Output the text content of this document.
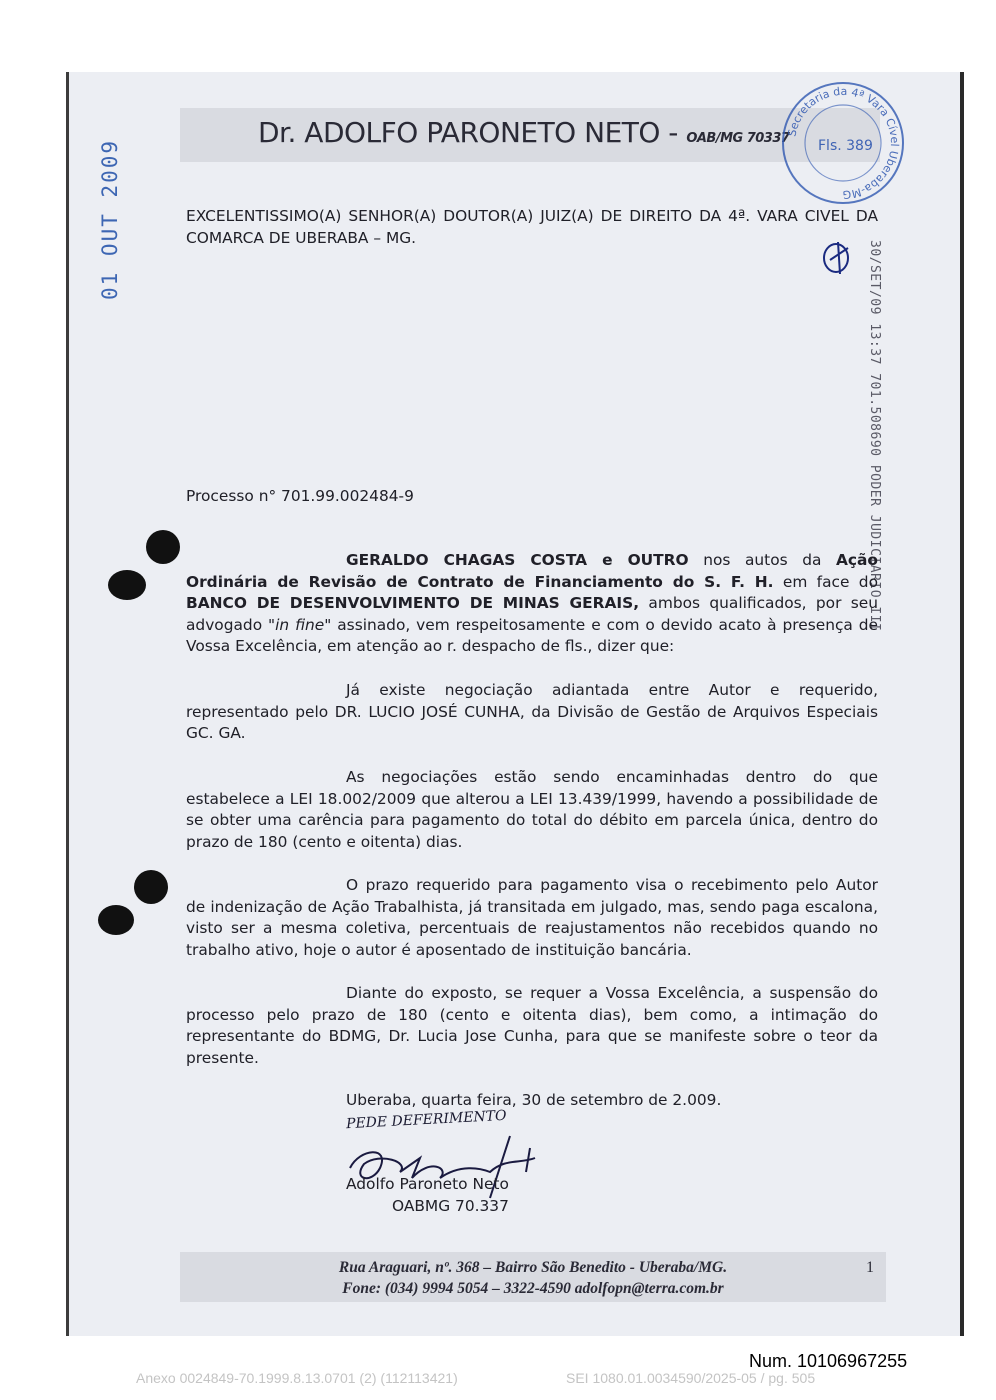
Dr. ADOLFO PARONETO NETO - OAB/MG 70337
Secretaria da 4ª Vara Cível Uberaba-MG
Fls. 389
01 OUT 2009
30/SET/09 13:37 701.508690 PODER JUDICIARIO III
EXCELENTISSIMO(A) SENHOR(A) DOUTOR(A) JUIZ(A) DE DIREITO DA 4ª. VARA CIVEL DA COMARCA DE UBERABA – MG.
Processo n° 701.99.002484-9
GERALDO CHAGAS COSTA e OUTRO nos autos da Ação Ordinária de Revisão de Contrato de Financiamento do S. F. H. em face do BANCO DE DESENVOLVIMENTO DE MINAS GERAIS, ambos qualificados, por seu advogado "in fine" assinado, vem respeitosamente e com o devido acato à presença de Vossa Excelência, em atenção ao r. despacho de fls., dizer que:
Já existe negociação adiantada entre Autor e requerido, representado pelo DR. LUCIO JOSÉ CUNHA, da Divisão de Gestão de Arquivos Especiais GC. GA.
As negociações estão sendo encaminhadas dentro do que estabelece a LEI 18.002/2009 que alterou a LEI 13.439/1999, havendo a possibilidade de se obter uma carência para pagamento do total do débito em parcela única, dentro do prazo de 180 (cento e oitenta) dias.
O prazo requerido para pagamento visa o recebimento pelo Autor de indenização de Ação Trabalhista, já transitada em julgado, mas, sendo paga escalona, visto ser a mesma coletiva, percentuais de reajustamentos não recebidos quando no trabalho ativo, hoje o autor é aposentado de instituição bancária.
Diante do exposto, se requer a Vossa Excelência, a suspensão do processo pelo prazo de 180 (cento e oitenta dias), bem como, a intimação do representante do BDMG, Dr. Lucia Jose Cunha, para que se manifeste sobre o teor da presente.
Uberaba, quarta feira, 30 de setembro de 2.009.
PEDE DEFERIMENTO
Adolfo Paroneto Neto
OABMG 70.337
Rua Araguari, nº. 368 – Bairro São Benedito - Uberaba/MG.
Fone: (034) 9994 5054 – 3322-4590 adolfopn@terra.com.br
1
Num. 10106967255
Anexo 0024849-70.1999.8.13.0701 (2) (112113421)	SEI 1080.01.0034590/2025-05 / pg. 505
